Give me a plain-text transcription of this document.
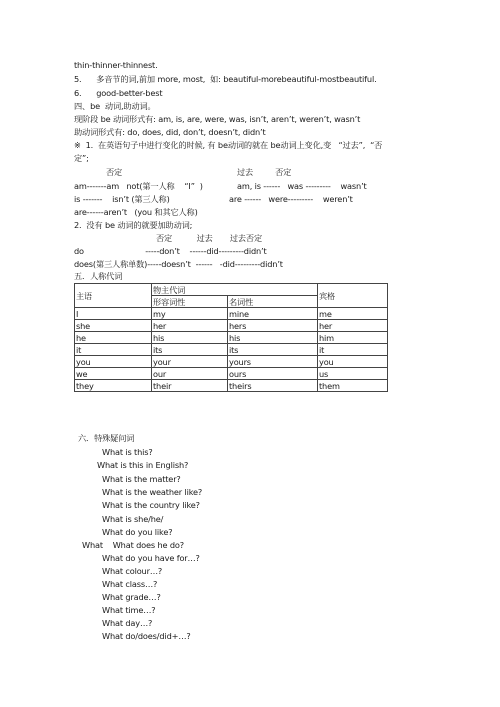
thin-thinner-thinnest.
5.      多音节的词,前加 more, most,  如: beautiful-morebeautiful-mostbeautiful.
6.      good-better-best
四、be  动词,助动词。
现阶段 be 动词形式有: am, is, are, were, was, isn’t, aren’t, weren’t, wasn’t
助动词形式有: do, does, did, don’t, doesn’t, didn’t
※  1.  在英语句子中进行变化的时候, 有 be动词的就在 be动词上变化,变   “过去”,  “否
定”;
否定	过去         否定
am-------am   not(第一人称    “I”  )	am, is ------   was ---------    wasn’t
is -------    isn’t (第三人称)	are ------   were---------    weren’t
are------aren’t   (you 和其它人称)
2.  没有 be 动词的就要加助动词;
否定          过去       过去否定
do                         -----don’t    ------did---------didn’t
does(第三人称单数)-----doesn’t  ------   -did---------didn’t
五．人称代词
主语	物主代词		宾格
	形容词性	名词性	
I	my	mine	me
she	her	hers	her
he	his	his	him
it	its	its	it
you	your	yours	you
we	our	ours	us
they	their	theirs	them
六．特殊疑问词
What is this?
What is this in English?
What is the matter?
What is the weather like?
What is the country like?
What is she/he/
What do you like?
What    What does he do?
What do you have for…?
What colour…?
What class…?
What grade…?
What time…?
What day…?
What do/does/did+…?
